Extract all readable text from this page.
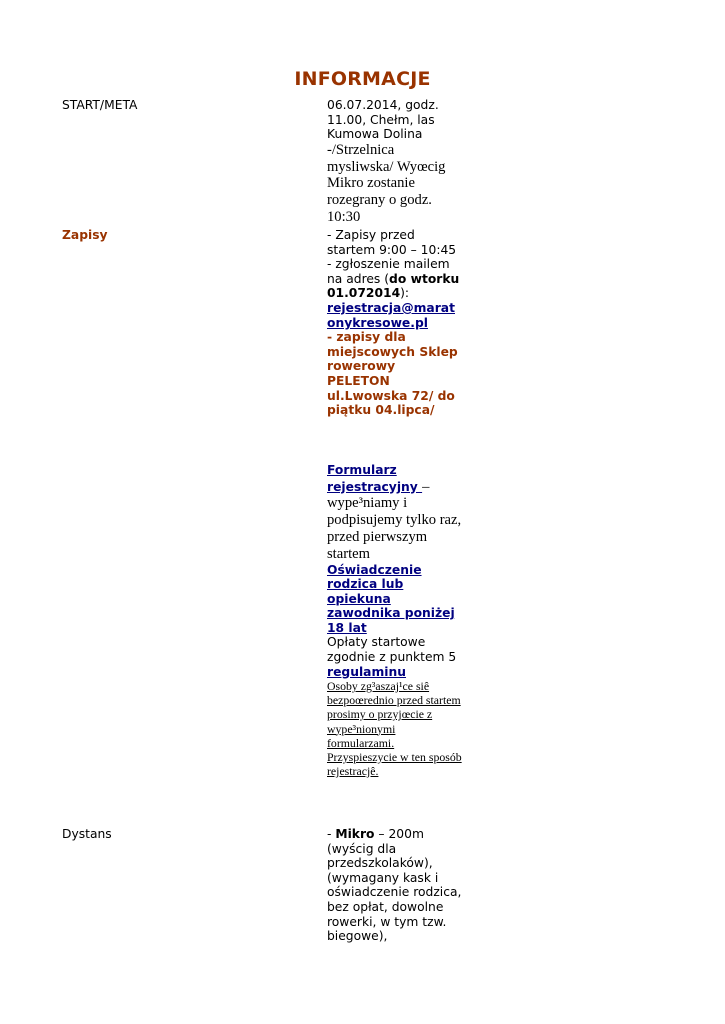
INFORMACJE
START/META	06.07.2014, godz. 11.00, Chełm, las Kumowa Dolina

-/Strzelnica mysliwska/ Wyœcig Mikro zostanie rozegrany o godz. 10:30

Zapisy	- Zapisy przed startem 9:00 – 10:45

- zgłoszenie mailem na adres (do wtorku 01.072014):

rejestracja@maratonykresowe.pl

- zapisy dla miejscowych Sklep rowerowy PELETON ul.Lwowska 72/ do piątku 04.lipca/

Formularz rejestracyjny – wype³niamy i podpisujemy tylko raz, przed pierwszym startem

Oświadczenie rodzica lub opiekuna zawodnika poniżej 18 lat

Opłaty startowe zgodnie z punktem 5 regulaminu

Osoby zg³aszaj¹ce siê bezpoœrednio przed startem prosimy o przyjœcie z wype³nionymi formularzami. Przyspieszycie w ten sposób rejestracjê.

Dystans	- Mikro – 200m (wyścig dla przedszkolaków), (wymagany kask i oświadczenie rodzica, bez opłat, dowolne rowerki, w tym tzw. biegowe),
